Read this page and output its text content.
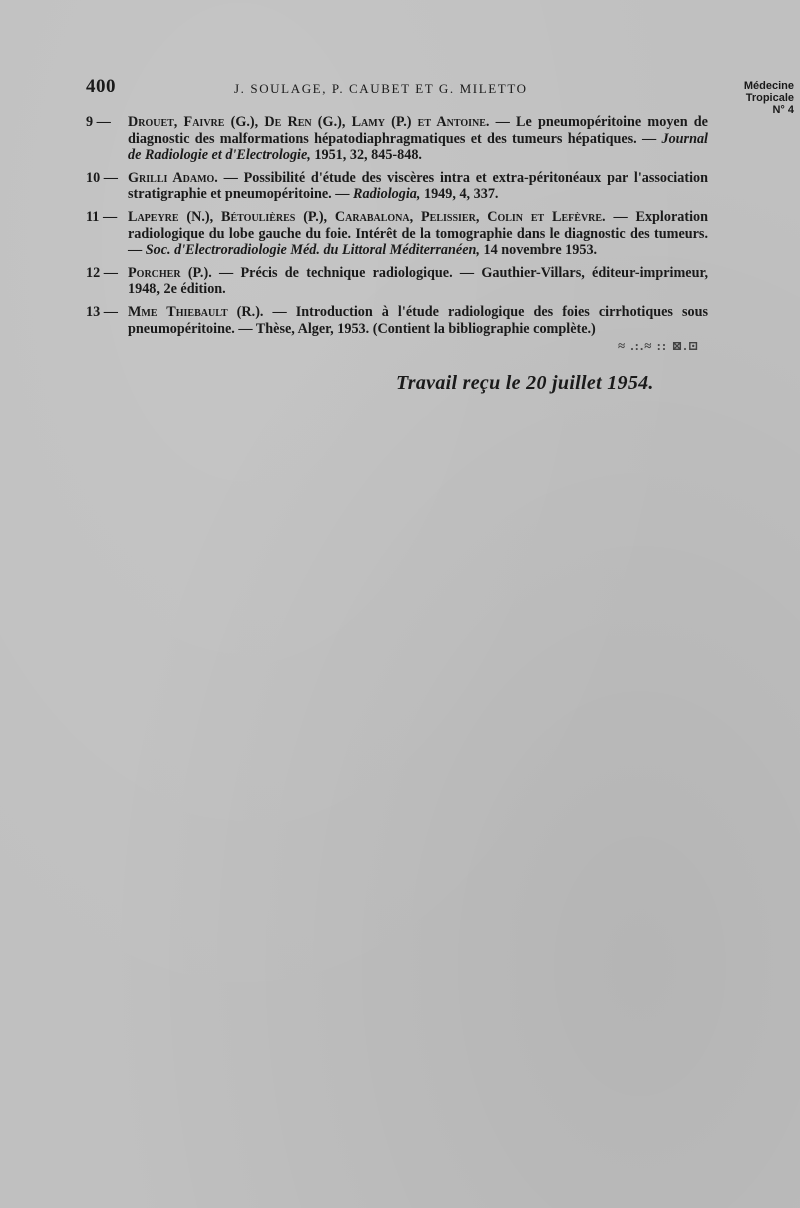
400	J. SOULAGE, P. CAUBET ET G. MILETTO	Médecine
Tropicale
N° 4
9 — Drouet, Faivre (G.), De Ren (G.), Lamy (P.) et Antoine. — Le pneumopéritoine moyen de diagnostic des malformations hépatodiaphragmatiques et des tumeurs hépatiques. — Journal de Radiologie et d'Electrologie, 1951, 32, 845-848.
10 — Grilli Adamo. — Possibilité d'étude des viscères intra et extra-péritonéaux par l'association stratigraphie et pneumopéritoine. — Radiologia, 1949, 4, 337.
11 — Lapeyre (N.), Bétoulières (P.), Carabalona, Pelissier, Colin et Lefèvre. — Exploration radiologique du lobe gauche du foie. Intérêt de la tomographie dans le diagnostic des tumeurs. — Soc. d'Electroradiologie Méd. du Littoral Méditerranéen, 14 novembre 1953.
12 — Porcher (P.). — Précis de technique radiologique. — Gauthier-Villars, éditeur-imprimeur, 1948, 2e édition.
13 — Mme Thiebault (R.). — Introduction à l'étude radiologique des foies cirrhotiques sous pneumopéritoine. — Thèse, Alger, 1953. (Contient la bibliographie complète.)
≈ .:.≈ :: ⊠.⊡
Travail reçu le 20 juillet 1954.
